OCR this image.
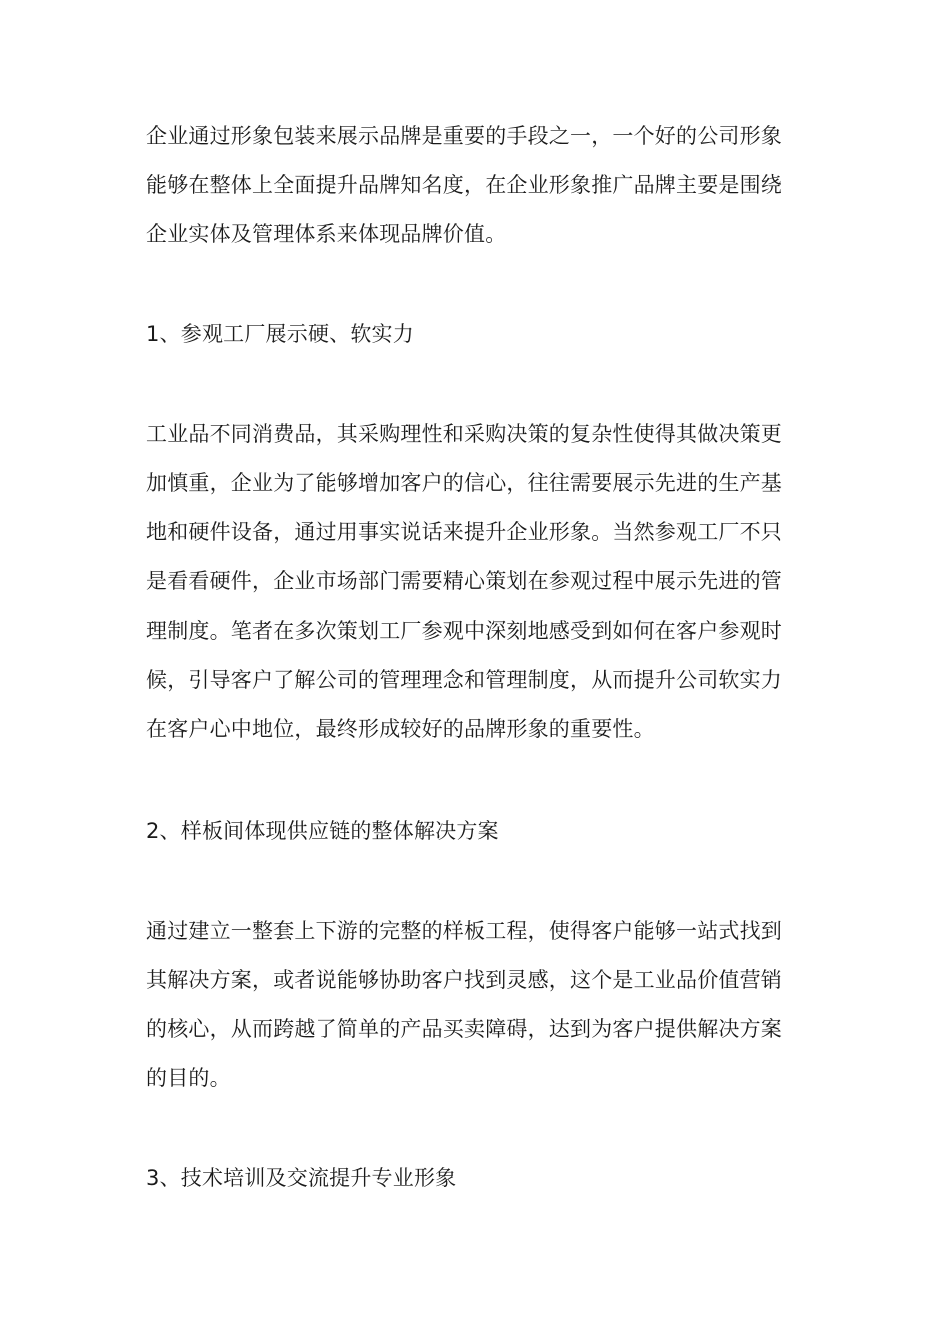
企业通过形象包装来展示品牌是重要的手段之一，一个好的公司形象
能够在整体上全面提升品牌知名度，在企业形象推广品牌主要是围绕
企业实体及管理体系来体现品牌价值。
1、参观工厂展示硬、软实力
工业品不同消费品，其采购理性和采购决策的复杂性使得其做决策更
加慎重，企业为了能够增加客户的信心，往往需要展示先进的生产基
地和硬件设备，通过用事实说话来提升企业形象。当然参观工厂不只
是看看硬件，企业市场部门需要精心策划在参观过程中展示先进的管
理制度。笔者在多次策划工厂参观中深刻地感受到如何在客户参观时
候，引导客户了解公司的管理理念和管理制度，从而提升公司软实力
在客户心中地位，最终形成较好的品牌形象的重要性。
2、样板间体现供应链的整体解决方案
通过建立一整套上下游的完整的样板工程，使得客户能够一站式找到
其解决方案，或者说能够协助客户找到灵感，这个是工业品价值营销
的核心，从而跨越了简单的产品买卖障碍，达到为客户提供解决方案
的目的。
3、技术培训及交流提升专业形象
